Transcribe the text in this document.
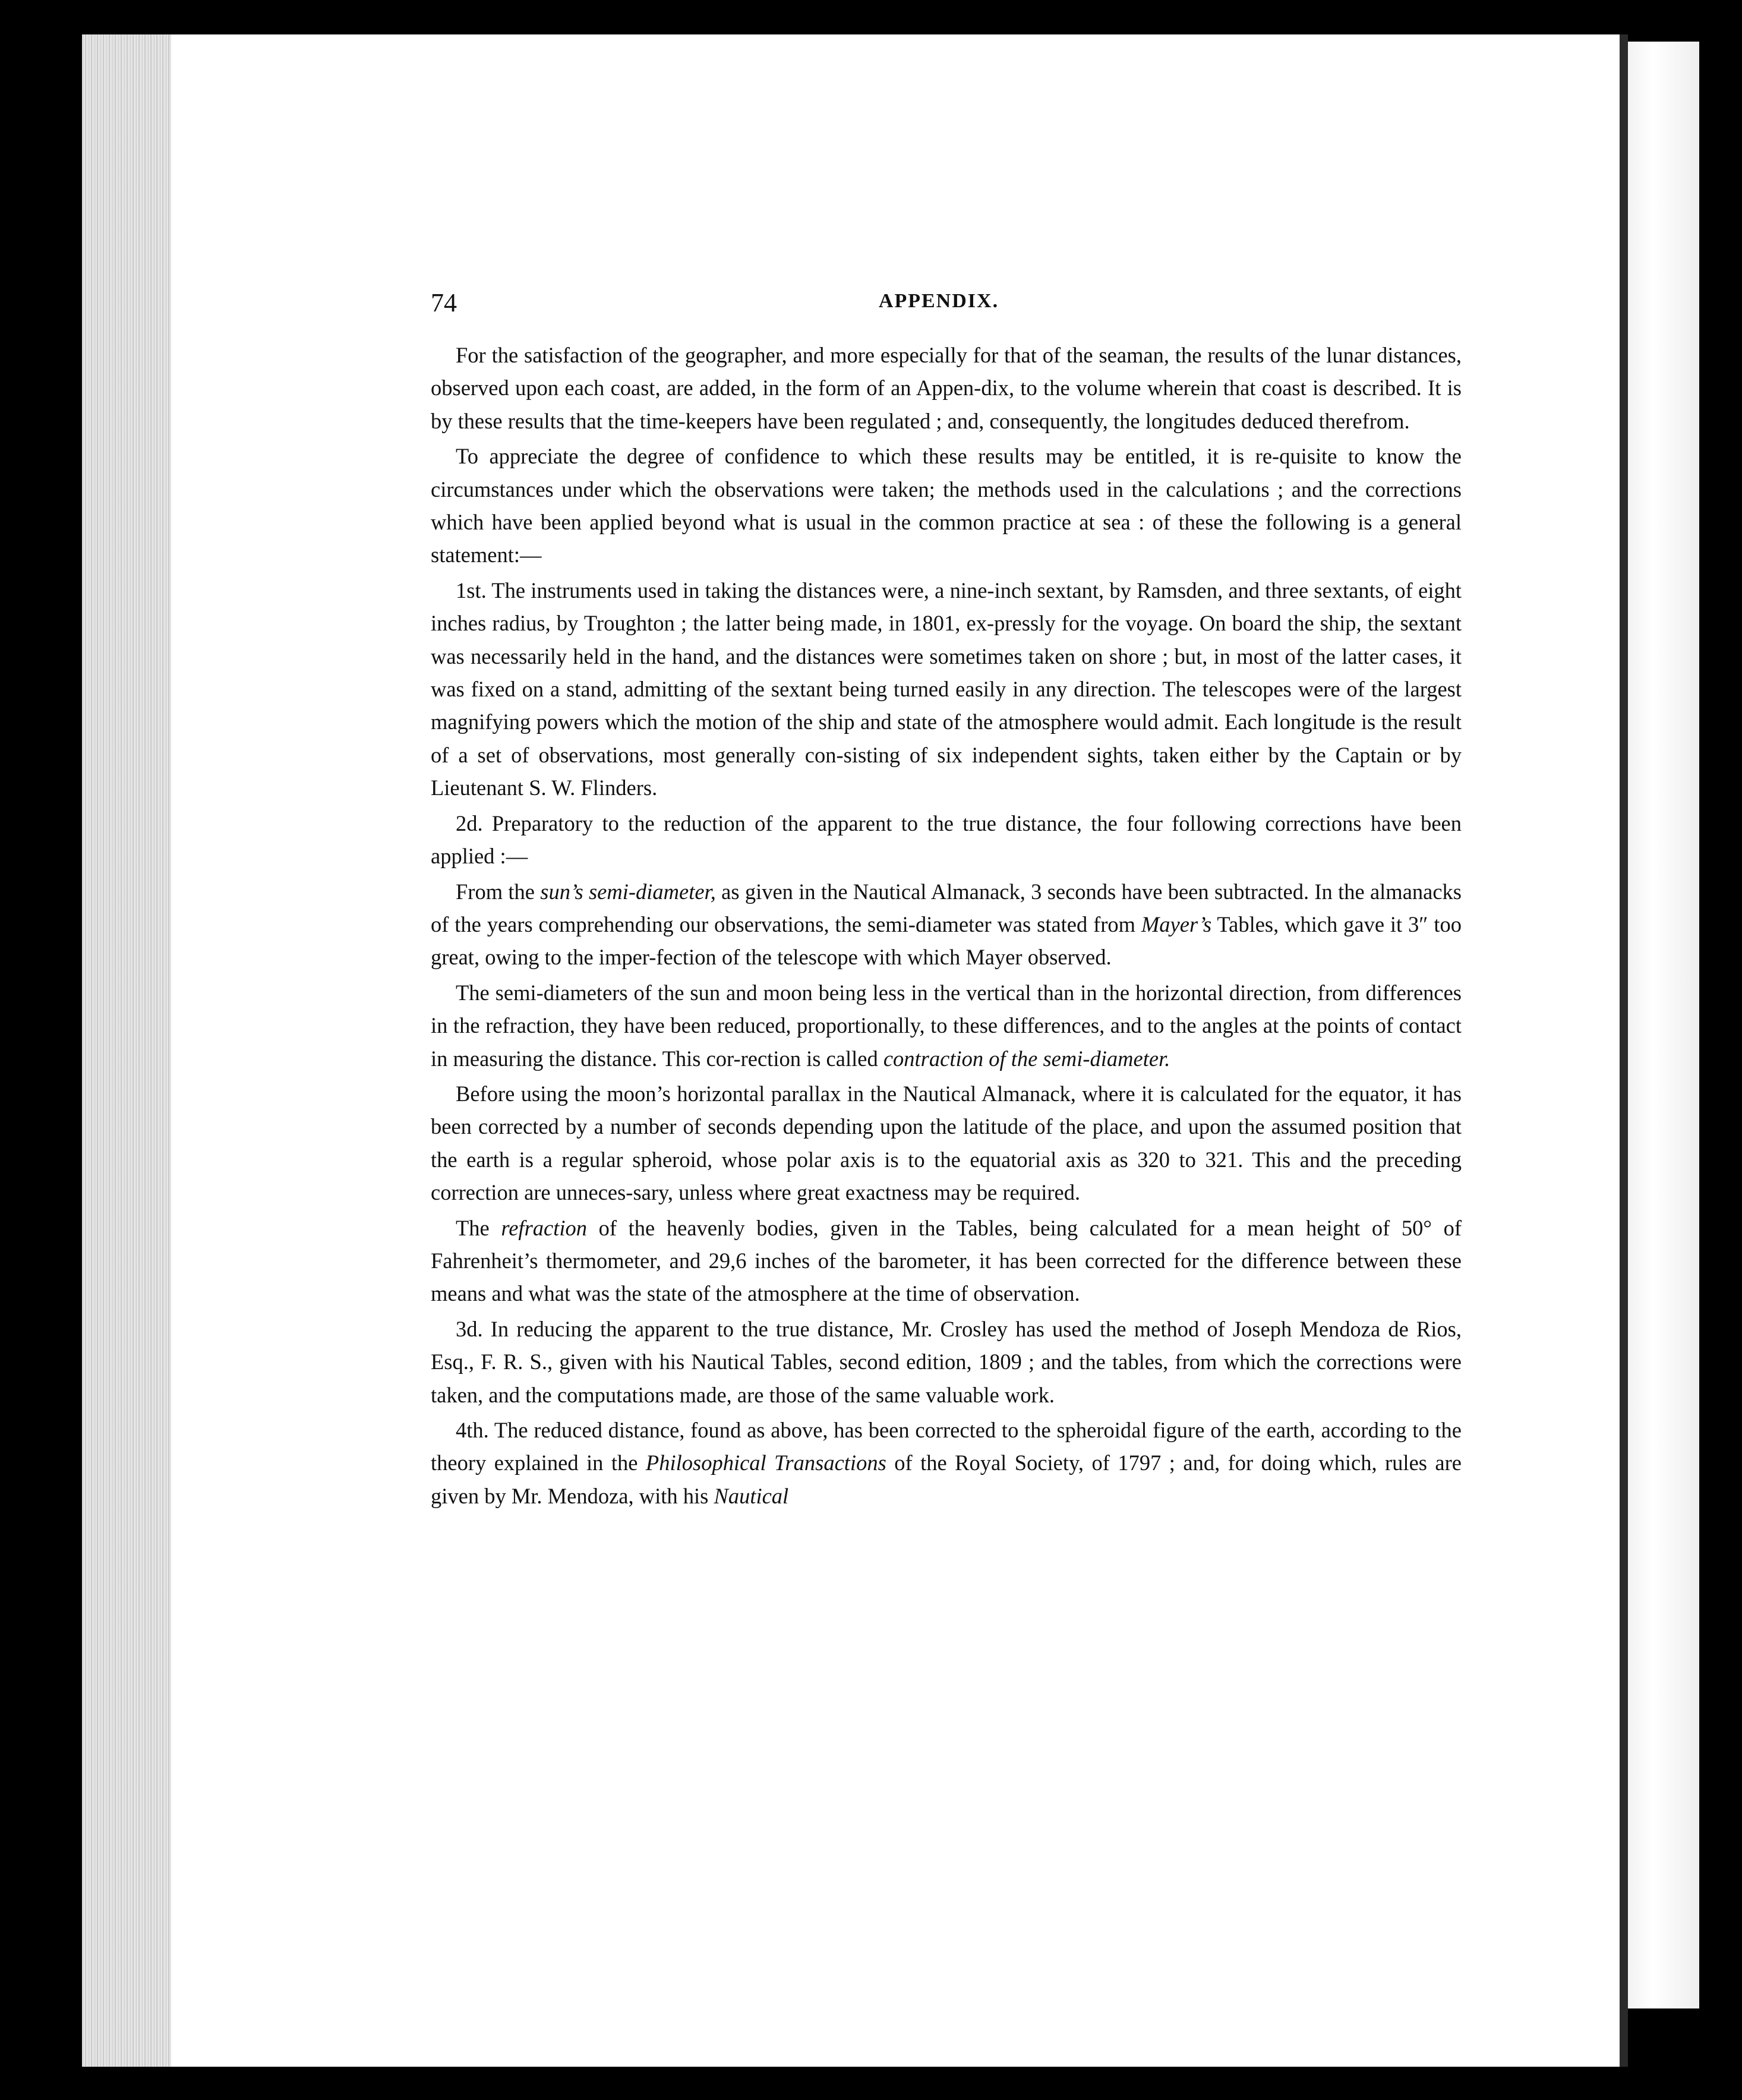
74	APPENDIX.

For the satisfaction of the geographer, and more especially for that of the seaman, the results of the lunar distances, observed upon each coast, are added, in the form of an Appen-dix, to the volume wherein that coast is described. It is by these results that the time-keepers have been regulated ; and, consequently, the longitudes deduced therefrom.

To appreciate the degree of confidence to which these results may be entitled, it is re-quisite to know the circumstances under which the observations were taken; the methods used in the calculations ; and the corrections which have been applied beyond what is usual in the common practice at sea : of these the following is a general statement:—

1st. The instruments used in taking the distances were, a nine-inch sextant, by Ramsden, and three sextants, of eight inches radius, by Troughton ; the latter being made, in 1801, ex-pressly for the voyage. On board the ship, the sextant was necessarily held in the hand, and the distances were sometimes taken on shore ; but, in most of the latter cases, it was fixed on a stand, admitting of the sextant being turned easily in any direction. The telescopes were of the largest magnifying powers which the motion of the ship and state of the atmosphere would admit. Each longitude is the result of a set of observations, most generally con-sisting of six independent sights, taken either by the Captain or by Lieutenant S. W. Flinders.

2d. Preparatory to the reduction of the apparent to the true distance, the four following corrections have been applied :—

From the sun’s semi-diameter, as given in the Nautical Almanack, 3 seconds have been subtracted. In the almanacks of the years comprehending our observations, the semi-diameter was stated from Mayer’s Tables, which gave it 3″ too great, owing to the imper-fection of the telescope with which Mayer observed.

The semi-diameters of the sun and moon being less in the vertical than in the horizontal direction, from differences in the refraction, they have been reduced, proportionally, to these differences, and to the angles at the points of contact in measuring the distance. This cor-rection is called contraction of the semi-diameter.

Before using the moon’s horizontal parallax in the Nautical Almanack, where it is calculated for the equator, it has been corrected by a number of seconds depending upon the latitude of the place, and upon the assumed position that the earth is a regular spheroid, whose polar axis is to the equatorial axis as 320 to 321. This and the preceding correction are unneces-sary, unless where great exactness may be required.

The refraction of the heavenly bodies, given in the Tables, being calculated for a mean height of 50° of Fahrenheit’s thermometer, and 29,6 inches of the barometer, it has been corrected for the difference between these means and what was the state of the atmosphere at the time of observation.

3d. In reducing the apparent to the true distance, Mr. Crosley has used the method of Joseph Mendoza de Rios, Esq., F. R. S., given with his Nautical Tables, second edition, 1809 ; and the tables, from which the corrections were taken, and the computations made, are those of the same valuable work.

4th. The reduced distance, found as above, has been corrected to the spheroidal figure of the earth, according to the theory explained in the Philosophical Transactions of the Royal Society, of 1797 ; and, for doing which, rules are given by Mr. Mendoza, with his Nautical
